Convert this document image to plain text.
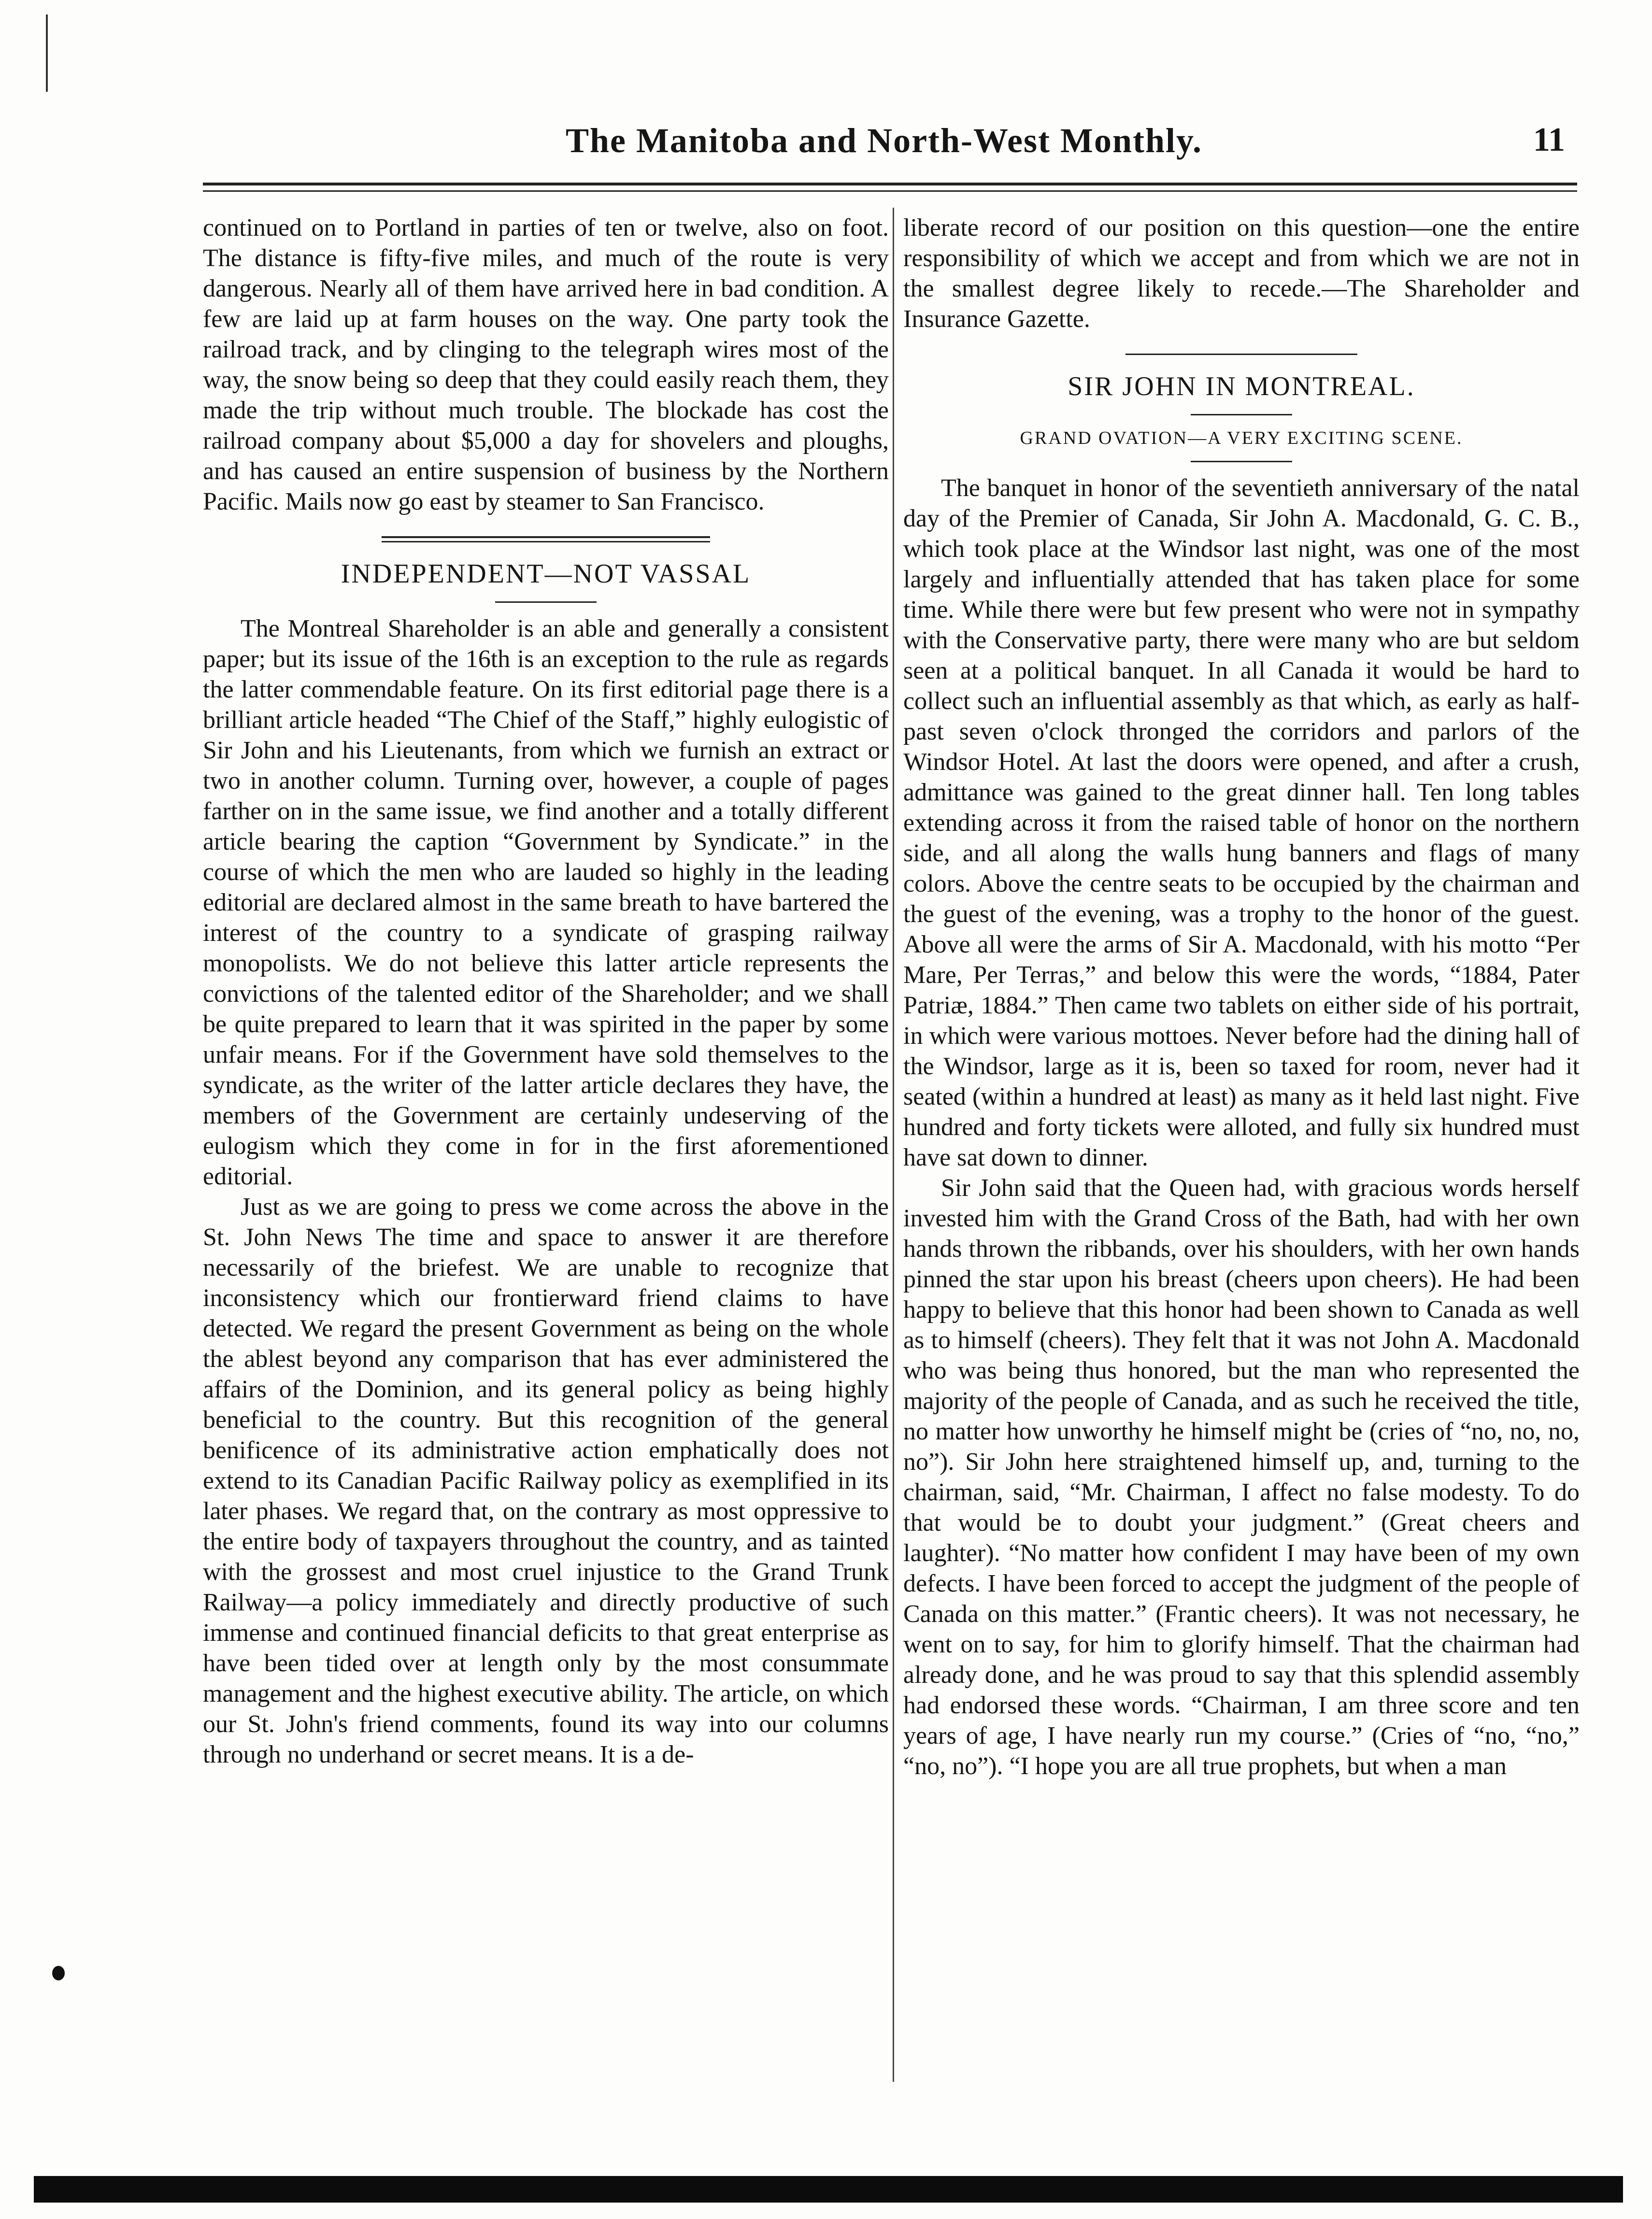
The Manitoba and North-West Monthly.	11

continued on to Portland in parties of ten or twelve, also on foot. The distance is fifty-five miles, and much of the route is very dangerous. Nearly all of them have arrived here in bad condition. A few are laid up at farm houses on the way. One party took the railroad track, and by clinging to the telegraph wires most of the way, the snow being so deep that they could easily reach them, they made the trip without much trouble. The blockade has cost the railroad company about $5,000 a day for shovelers and ploughs, and has caused an entire suspension of business by the Northern Pacific. Mails now go east by steamer to San Francisco.

INDEPENDENT—NOT VASSAL

The Montreal Shareholder is an able and generally a consistent paper; but its issue of the 16th is an exception to the rule as regards the latter commendable feature. On its first editorial page there is a brilliant article headed “The Chief of the Staff,” highly eulogistic of Sir John and his Lieutenants, from which we furnish an extract or two in another column. Turning over, however, a couple of pages farther on in the same issue, we find another and a totally different article bearing the caption “Government by Syndicate.” in the course of which the men who are lauded so highly in the leading editorial are declared almost in the same breath to have bartered the interest of the country to a syndicate of grasping railway monopolists. We do not believe this latter article represents the convictions of the talented editor of the Shareholder; and we shall be quite prepared to learn that it was spirited in the paper by some unfair means. For if the Government have sold themselves to the syndicate, as the writer of the latter article declares they have, the members of the Government are certainly undeserving of the eulogism which they come in for in the first aforementioned editorial.

Just as we are going to press we come across the above in the St. John News The time and space to answer it are therefore necessarily of the briefest. We are unable to recognize that inconsistency which our frontierward friend claims to have detected. We regard the present Government as being on the whole the ablest beyond any comparison that has ever administered the affairs of the Dominion, and its general policy as being highly beneficial to the country. But this recognition of the general benificence of its administrative action emphatically does not extend to its Canadian Pacific Railway policy as exemplified in its later phases. We regard that, on the contrary as most oppressive to the entire body of taxpayers throughout the country, and as tainted with the grossest and most cruel injustice to the Grand Trunk Railway—a policy immediately and directly productive of such immense and continued financial deficits to that great enterprise as have been tided over at length only by the most consummate management and the highest executive ability. The article, on which our St. John's friend comments, found its way into our columns through no underhand or secret means. It is a de-

liberate record of our position on this question—one the entire responsibility of which we accept and from which we are not in the smallest degree likely to recede.—The Shareholder and Insurance Gazette.

SIR JOHN IN MONTREAL.
GRAND OVATION—A VERY EXCITING SCENE.

The banquet in honor of the seventieth anniversary of the natal day of the Premier of Canada, Sir John A. Macdonald, G. C. B., which took place at the Windsor last night, was one of the most largely and influentially attended that has taken place for some time. While there were but few present who were not in sympathy with the Conservative party, there were many who are but seldom seen at a political banquet. In all Canada it would be hard to collect such an influential assembly as that which, as early as half-past seven o'clock thronged the corridors and parlors of the Windsor Hotel. At last the doors were opened, and after a crush, admittance was gained to the great dinner hall. Ten long tables extending across it from the raised table of honor on the northern side, and all along the walls hung banners and flags of many colors. Above the centre seats to be occupied by the chairman and the guest of the evening, was a trophy to the honor of the guest. Above all were the arms of Sir A. Macdonald, with his motto “Per Mare, Per Terras,” and below this were the words, “1884, Pater Patriæ, 1884.” Then came two tablets on either side of his portrait, in which were various mottoes. Never before had the dining hall of the Windsor, large as it is, been so taxed for room, never had it seated (within a hundred at least) as many as it held last night. Five hundred and forty tickets were alloted, and fully six hundred must have sat down to dinner.

Sir John said that the Queen had, with gracious words herself invested him with the Grand Cross of the Bath, had with her own hands thrown the ribbands, over his shoulders, with her own hands pinned the star upon his breast (cheers upon cheers). He had been happy to believe that this honor had been shown to Canada as well as to himself (cheers). They felt that it was not John A. Macdonald who was being thus honored, but the man who represented the majority of the people of Canada, and as such he received the title, no matter how unworthy he himself might be (cries of “no, no, no, no”). Sir John here straightened himself up, and, turning to the chairman, said, “Mr. Chairman, I affect no false modesty. To do that would be to doubt your judgment.” (Great cheers and laughter). “No matter how confident I may have been of my own defects. I have been forced to accept the judgment of the people of Canada on this matter.” (Frantic cheers). It was not necessary, he went on to say, for him to glorify himself. That the chairman had already done, and he was proud to say that this splendid assembly had endorsed these words. “Chairman, I am three score and ten years of age, I have nearly run my course.” (Cries of “no, “no,” “no, no”). “I hope you are all true prophets, but when a man
